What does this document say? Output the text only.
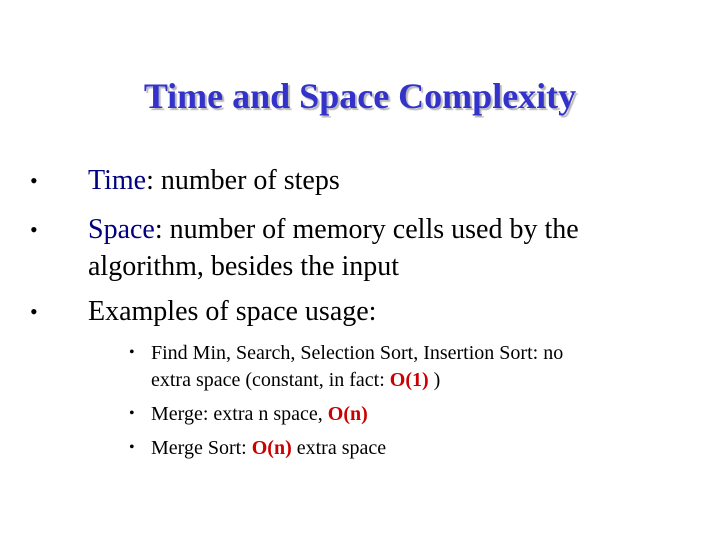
Time and Space Complexity
• Time: number of steps
• Space: number of memory cells used by the
algorithm, besides the input
• Examples of space usage:
• Find Min, Search, Selection Sort, Insertion Sort: no
extra space (constant, in fact: O(1) )
• Merge: extra n space, O(n)
• Merge Sort: O(n) extra space
